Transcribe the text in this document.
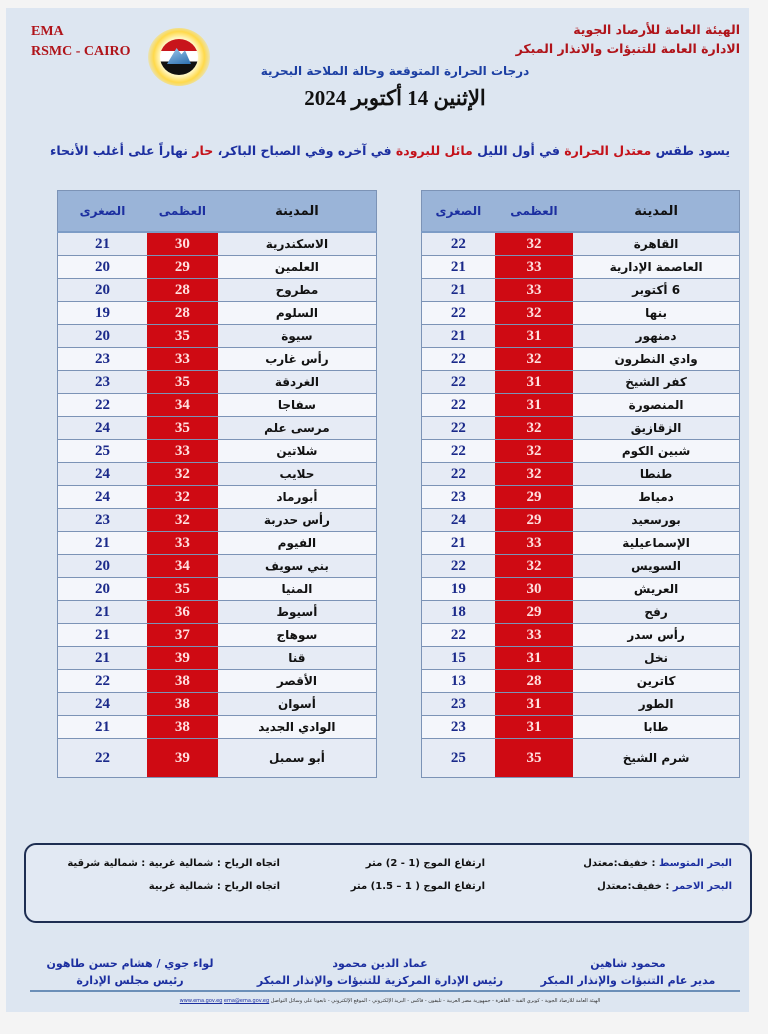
EMA
RSMC - CAIRO
الهيئة العامة للأرصاد الجوية
الادارة العامة للتنبؤات والانذار المبكر
درجات الحرارة المتوقعة وحالة الملاحة البحرية
الإثنين 14 أكتوبر 2024
يسود طقس معتدل الحرارة في أول الليل مائل للبرودة في آخره وفي الصباح الباكر، حار نهاراً على أغلب الأنحاء
المدينة	العظمى	الصغرى
القاهرة	32	22
العاصمة الإدارية	33	21
6 أكتوبر	33	21
بنها	32	22
دمنهور	31	21
وادي النطرون	32	22
كفر الشيخ	31	22
المنصورة	31	22
الزقازيق	32	22
شبين الكوم	32	22
طنطا	32	22
دمياط	29	23
بورسعيد	29	24
الإسماعيلية	33	21
السويس	32	22
العريش	30	19
رفح	29	18
رأس سدر	33	22
نخل	31	15
كاترين	28	13
الطور	31	23
طابا	31	23
شرم الشيخ	35	25
المدينة	العظمى	الصغرى
الاسكندرية	30	21
العلمين	29	20
مطروح	28	20
السلوم	28	19
سيوة	35	20
رأس غارب	33	23
الغردقة	35	23
سفاجا	34	22
مرسى علم	35	24
شلاتين	33	25
حلايب	32	24
أبورماد	32	24
رأس حدربة	32	23
الفيوم	33	21
بني سويف	34	20
المنيا	35	20
أسيوط	36	21
سوهاج	37	21
قنا	39	21
الأقصر	38	22
أسوان	38	24
الوادي الجديد	38	21
أبو سمبل	39	22
البحر المتوسط : خفيف:معتدل
ارتفاع الموج (1 - 2) متر
اتجاه الرياح : شمالية غربية : شمالية شرقية
البحر الاحمر : خفيف:معتدل
ارتفاع الموج ( 1 – 1.5) متر
اتجاه الرياح : شمالية غربية
محمود شاهين
مدير عام التنبؤات والإنذار المبكر
عماد الدين محمود
رئيس الإدارة المركزية للتنبؤات والإنذار المبكر
لواء جوي / هشام حسن طاهون
رئيس مجلس الإدارة
الهيئة العامة للأرصاد الجوية - كوبري القبة - القاهرة - جمهورية مصر العربية - تليفون - فاكس - البريد الإلكتروني - الموقع الإلكتروني - تابعونا على وسائل التواصل www.ema.gov.eg ema@ema.gov.eg
